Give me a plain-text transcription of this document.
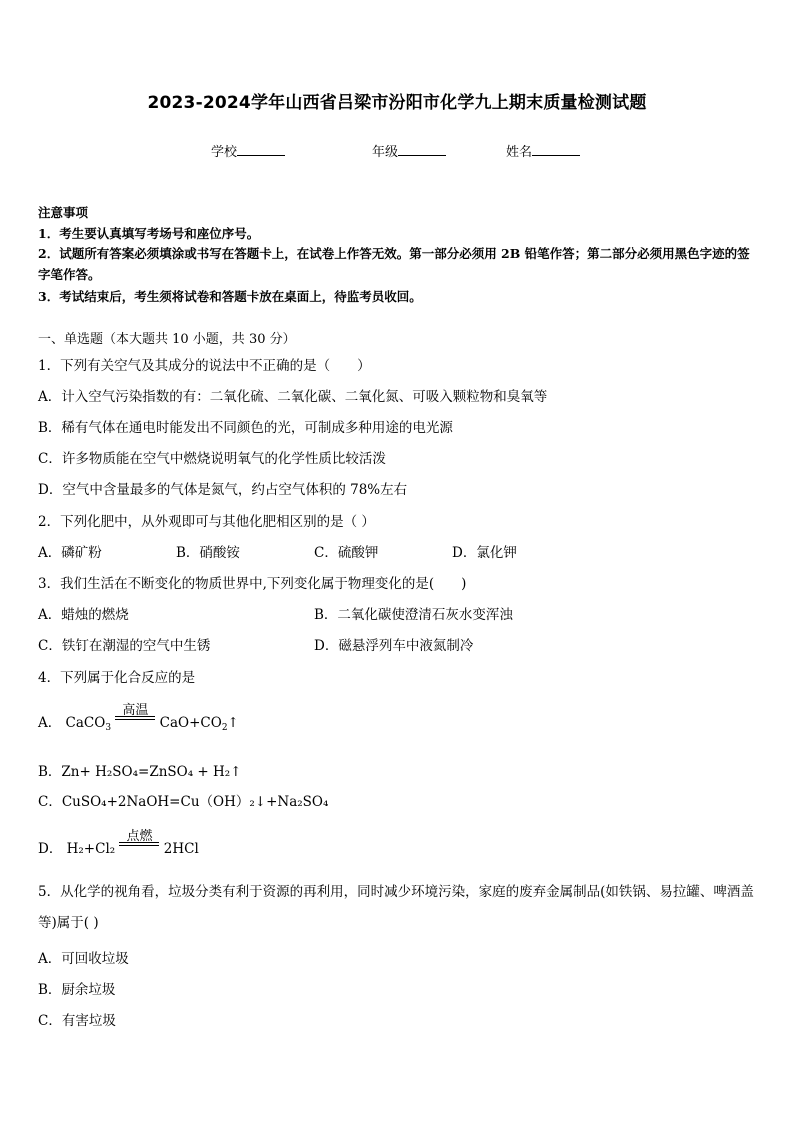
2023-2024学年山西省吕梁市汾阳市化学九上期末质量检测试题
学校	年级	姓名
注意事项
1．考生要认真填写考场号和座位序号。
2．试题所有答案必须填涂或书写在答题卡上，在试卷上作答无效。第一部分必须用 2B 铅笔作答；第二部分必须用黑色字迹的签字笔作答。
3．考试结束后，考生须将试卷和答题卡放在桌面上，待监考员收回。
一、单选题（本大题共 10 小题，共 30 分）
1．下列有关空气及其成分的说法中不正确的是（　　）
A．计入空气污染指数的有：二氧化硫、二氧化碳、二氧化氮、可吸入颗粒物和臭氧等
B．稀有气体在通电时能发出不同颜色的光，可制成多种用途的电光源
C．许多物质能在空气中燃烧说明氧气的化学性质比较活泼
D．空气中含量最多的气体是氮气，约占空气体积的 78%左右
2．下列化肥中，从外观即可与其他化肥相区别的是（ ）
A．磷矿粉	B．硝酸铵	C．硫酸钾	D．氯化钾
3．我们生活在不断变化的物质世界中,下列变化属于物理变化的是(　　)
A．蜡烛的燃烧	B．二氧化碳使澄清石灰水变浑浊
C．铁钉在潮湿的空气中生锈	D．磁悬浮列车中液氮制冷
4．下列属于化合反应的是
A． CaCO$_3$
高温
$CaO+CO_2↑$
B．Zn+ H₂SO₄=ZnSO₄ + H₂↑
C．CuSO₄+2NaOH=Cu（OH）₂↓+Na₂SO₄
D． H₂+Cl₂
点燃
2HCl
5．从化学的视角看，垃圾分类有利于资源的再利用，同时减少环境污染，家庭的废弃金属制品(如铁锅、易拉罐、啤酒盖等)属于( )
A．可回收垃圾
B．厨余垃圾
C．有害垃圾
